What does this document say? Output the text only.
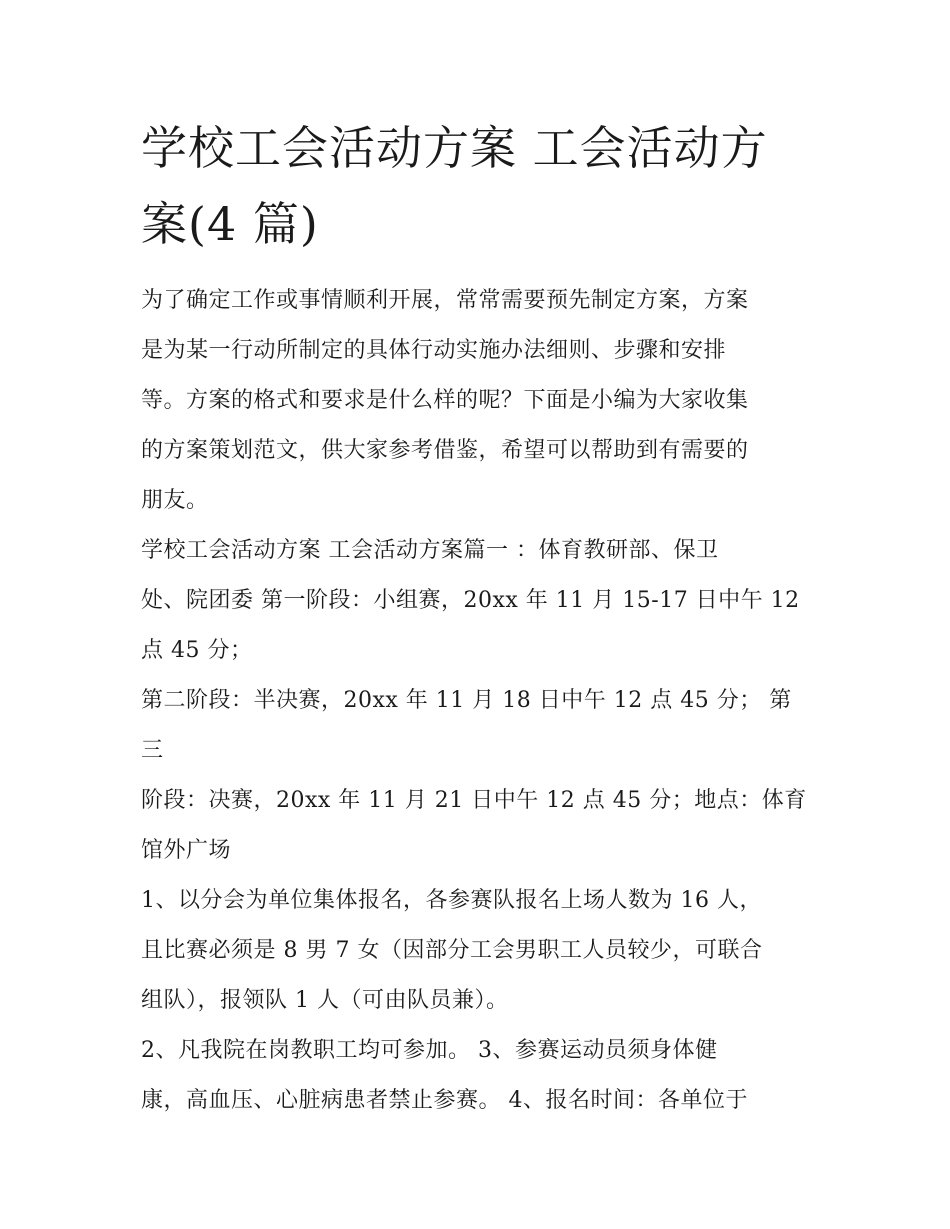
学校工会活动方案 工会活动方
案(4 篇)
为了确定工作或事情顺利开展，常常需要预先制定方案，方案
是为某一行动所制定的具体行动实施办法细则、步骤和安排
等。方案的格式和要求是什么样的呢？下面是小编为大家收集
的方案策划范文，供大家参考借鉴，希望可以帮助到有需要的
朋友。
学校工会活动方案 工会活动方案篇一 ：体育教研部、保卫
处、院团委 第一阶段：小组赛，20xx 年 11 月 15-17 日中午 12
点 45 分；
第二阶段：半决赛，20xx 年 11 月 18 日中午 12 点 45 分； 第三
阶段：决赛，20xx 年 11 月 21 日中午 12 点 45 分；地点：体育
馆外广场
1、以分会为单位集体报名，各参赛队报名上场人数为 16 人，
且比赛必须是 8 男 7 女（因部分工会男职工人员较少，可联合
组队），报领队 1 人（可由队员兼）。
2、凡我院在岗教职工均可参加。 3、参赛运动员须身体健
康，高血压、心脏病患者禁止参赛。 4、报名时间：各单位于
